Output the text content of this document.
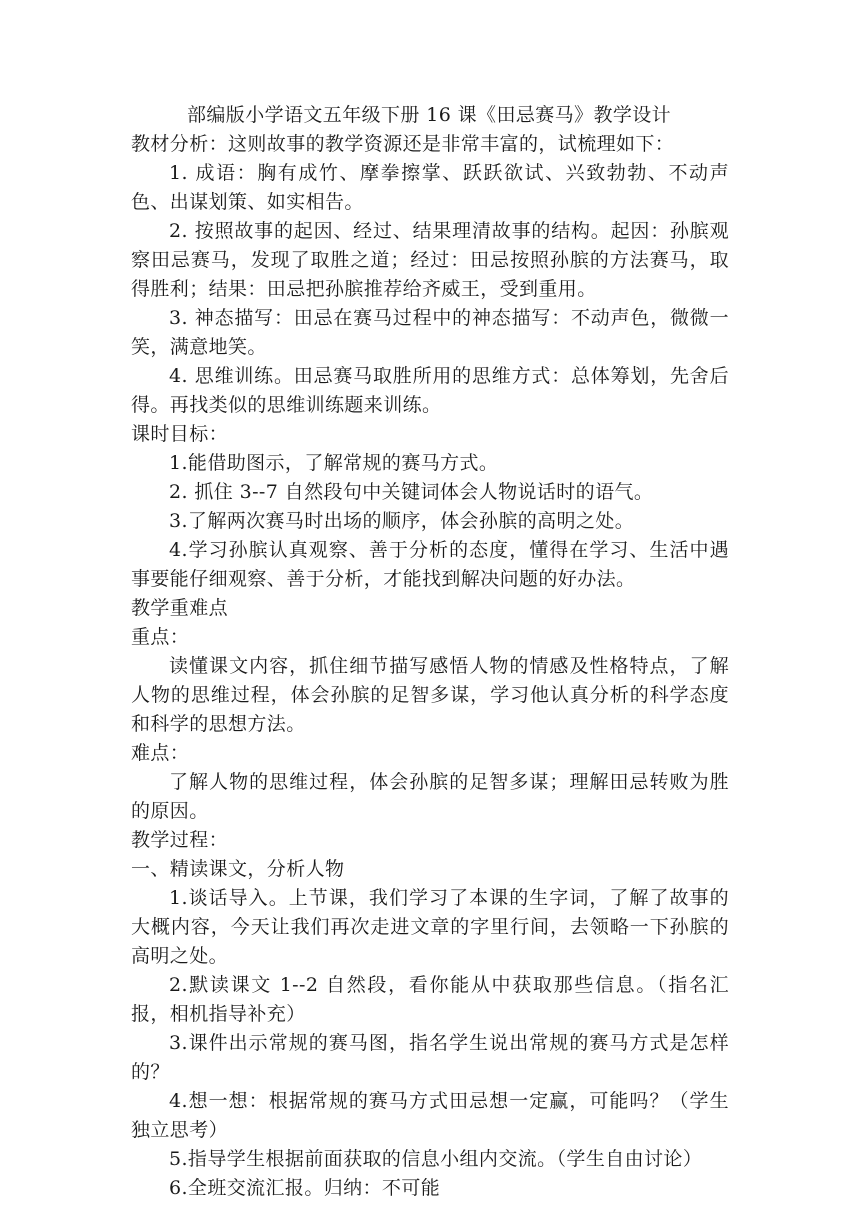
部编版小学语文五年级下册 16 课《田忌赛马》教学设计

教材分析：这则故事的教学资源还是非常丰富的，试梳理如下：

1. 成语：胸有成竹、摩拳擦掌、跃跃欲试、兴致勃勃、不动声色、出谋划策、如实相告。

2. 按照故事的起因、经过、结果理清故事的结构。起因：孙膑观察田忌赛马，发现了取胜之道；经过：田忌按照孙膑的方法赛马，取得胜利；结果：田忌把孙膑推荐给齐威王，受到重用。

3. 神态描写：田忌在赛马过程中的神态描写：不动声色，微微一笑，满意地笑。

4. 思维训练。田忌赛马取胜所用的思维方式：总体筹划，先舍后得。再找类似的思维训练题来训练。

课时目标：

1.能借助图示，了解常规的赛马方式。

2. 抓住 3--7 自然段句中关键词体会人物说话时的语气。

3.了解两次赛马时出场的顺序，体会孙膑的高明之处。

4.学习孙膑认真观察、善于分析的态度，懂得在学习、生活中遇事要能仔细观察、善于分析，才能找到解决问题的好办法。

教学重难点

重点：

读懂课文内容，抓住细节描写感悟人物的情感及性格特点，了解人物的思维过程，体会孙膑的足智多谋，学习他认真分析的科学态度和科学的思想方法。

难点：

了解人物的思维过程，体会孙膑的足智多谋；理解田忌转败为胜的原因。

教学过程：

一、精读课文，分析人物

1.谈话导入。上节课，我们学习了本课的生字词，了解了故事的大概内容，今天让我们再次走进文章的字里行间，去领略一下孙膑的高明之处。

2.默读课文 1--2 自然段，看你能从中获取那些信息。（指名汇报，相机指导补充）

3.课件出示常规的赛马图，指名学生说出常规的赛马方式是怎样的？

4.想一想：根据常规的赛马方式田忌想一定赢，可能吗？（学生独立思考）

5.指导学生根据前面获取的信息小组内交流。（学生自由讨论）

6.全班交流汇报。归纳：不可能
